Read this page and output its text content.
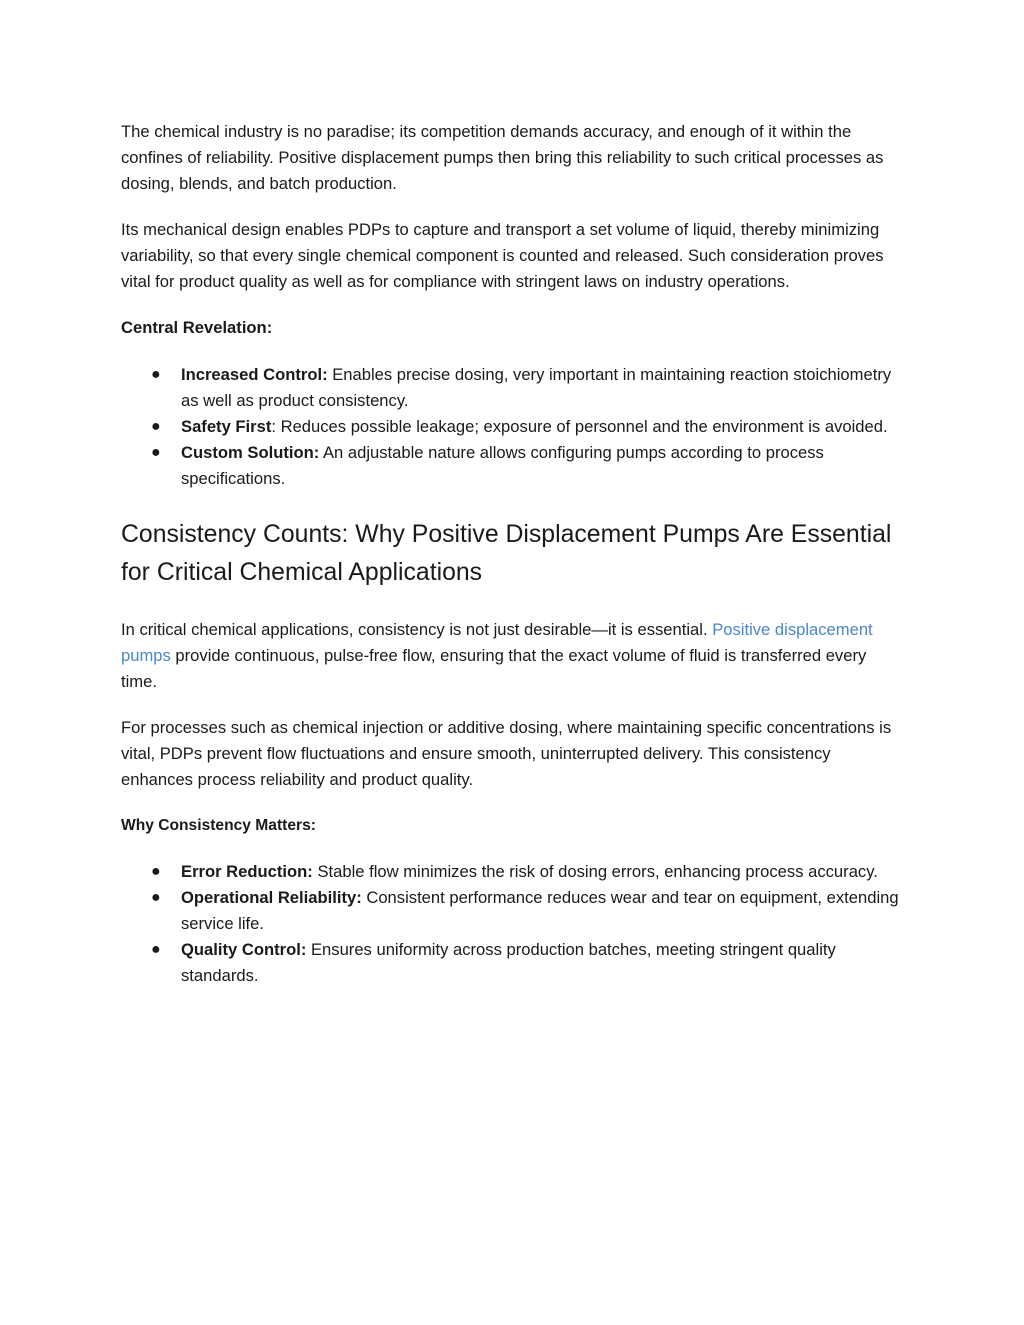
The chemical industry is no paradise; its competition demands accuracy, and enough of it within the confines of reliability. Positive displacement pumps then bring this reliability to such critical processes as dosing, blends, and batch production.

Its mechanical design enables PDPs to capture and transport a set volume of liquid, thereby minimizing variability, so that every single chemical component is counted and released. Such consideration proves vital for product quality as well as for compliance with stringent laws on industry operations.

Central Revelation:
● Increased Control: Enables precise dosing, very important in maintaining reaction stoichiometry as well as product consistency.
● Safety First: Reduces possible leakage; exposure of personnel and the environment is avoided.
● Custom Solution: An adjustable nature allows configuring pumps according to process specifications.
Consistency Counts: Why Positive Displacement Pumps Are Essential for Critical Chemical Applications

In critical chemical applications, consistency is not just desirable—it is essential. Positive displacement pumps provide continuous, pulse-free flow, ensuring that the exact volume of fluid is transferred every time.

For processes such as chemical injection or additive dosing, where maintaining specific concentrations is vital, PDPs prevent flow fluctuations and ensure smooth, uninterrupted delivery. This consistency enhances process reliability and product quality.

Why Consistency Matters:
● Error Reduction: Stable flow minimizes the risk of dosing errors, enhancing process accuracy.
● Operational Reliability: Consistent performance reduces wear and tear on equipment, extending service life.
● Quality Control: Ensures uniformity across production batches, meeting stringent quality standards.
